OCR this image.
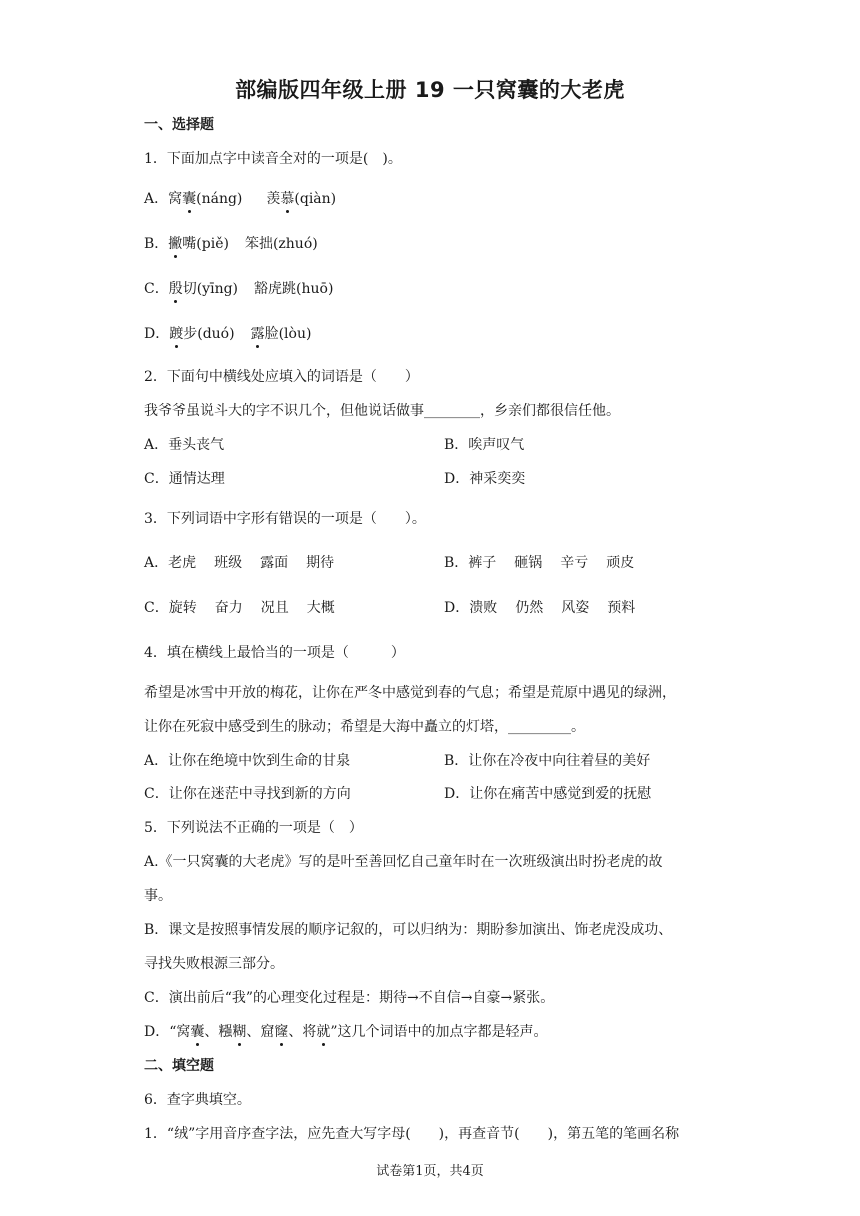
部编版四年级上册 19 一只窝囊的大老虎
一、选择题
1．下面加点字中读音全对的一项是(　)。
A．窝囊(náng) 羡慕(qiàn)
B．撇嘴(piě) 笨拙(zhuó)
C．殷切(yīng) 豁虎跳(huō)
D．踱步(duó) 露脸(lòu)
2．下面句中横线处应填入的词语是（　　）
我爷爷虽说斗大的字不识几个，但他说话做事________，乡亲们都很信任他。
A．垂头丧气	B．唉声叹气
C．通情达理	D．神采奕奕
3．下列词语中字形有错误的一项是（　　）。
A．老虎 班级 露面 期待	B．裤子 砸锅 辛亏 顽皮
C．旋转 奋力 况且 大概	D．溃败 仍然 风姿 预料
4．填在横线上最恰当的一项是（　　　）
希望是冰雪中开放的梅花，让你在严冬中感觉到春的气息；希望是荒原中遇见的绿洲，
让你在死寂中感受到生的脉动；希望是大海中矗立的灯塔，_________。
A．让你在绝境中饮到生命的甘泉	B．让你在冷夜中向往着昼的美好
C．让你在迷茫中寻找到新的方向	D．让你在痛苦中感觉到爱的抚慰
5．下列说法不正确的一项是（　）
A.《一只窝囊的大老虎》写的是叶至善回忆自己童年时在一次班级演出时扮老虎的故
事。
B．课文是按照事情发展的顺序记叙的，可以归纳为：期盼参加演出、饰老虎没成功、
寻找失败根源三部分。
C．演出前后“我”的心理变化过程是：期待→不自信→自豪→紧张。
D．“窝囊、糨糊、窟窿、将就”这几个词语中的加点字都是轻声。
二、填空题
6．查字典填空。
1．“绒”字用音序查字法，应先查大写字母(　　)，再查音节(　　)，第五笔的笔画名称
试卷第1页，共4页
